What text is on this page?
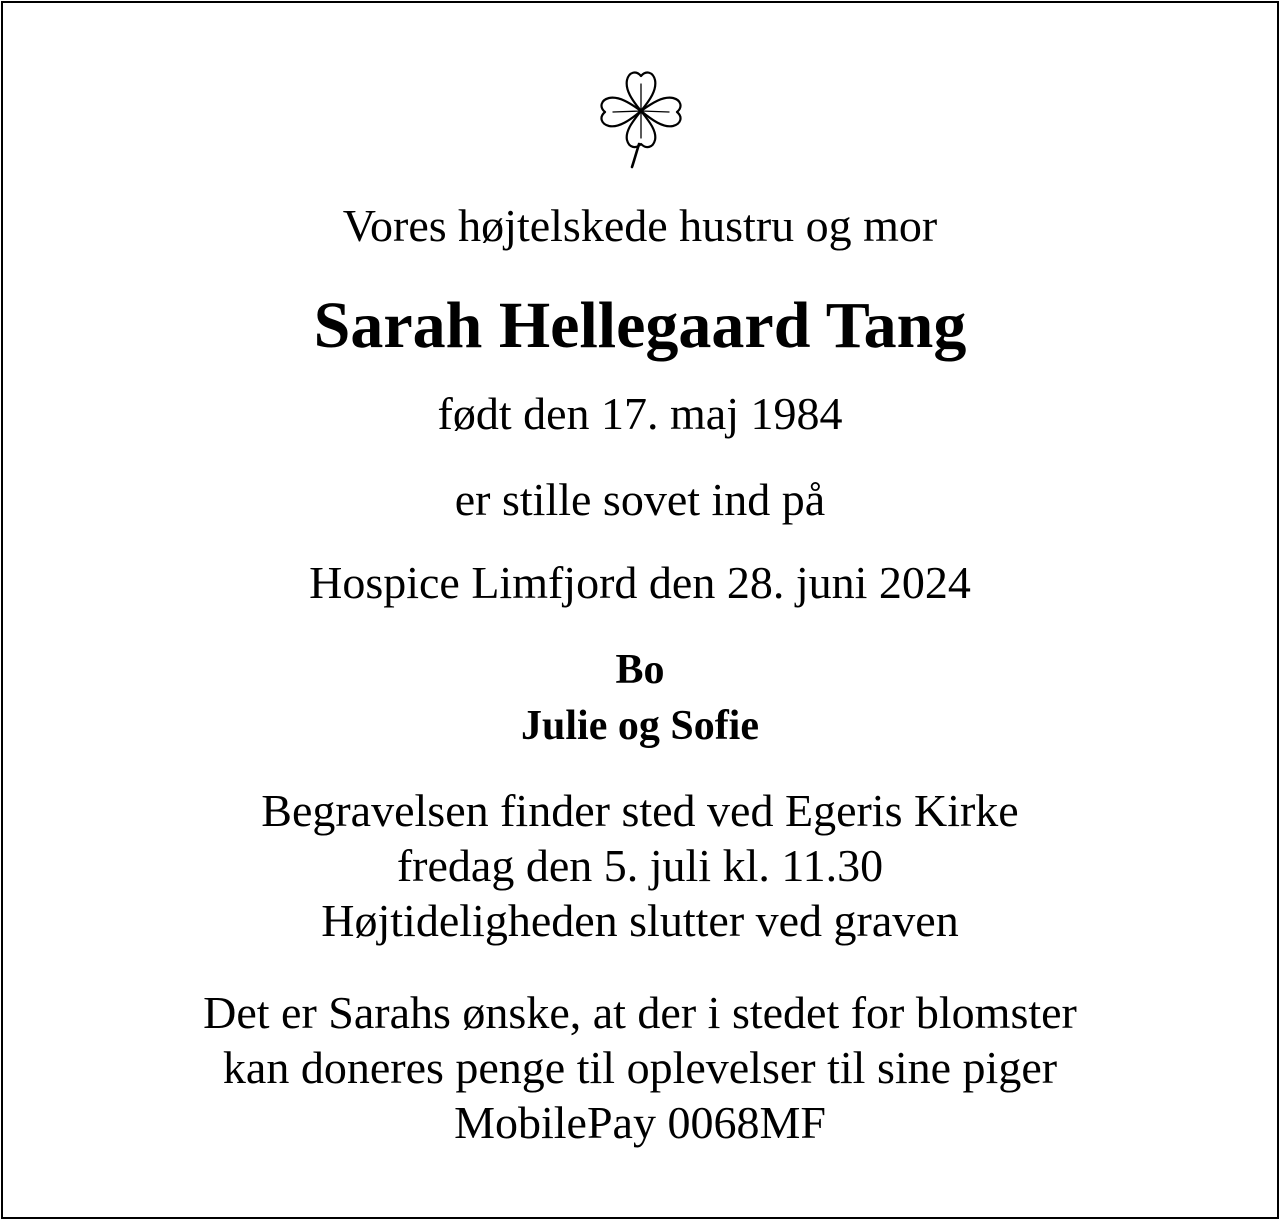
Vores højtelskede hustru og mor
Sarah Hellegaard Tang
født den 17. maj 1984
er stille sovet ind på
Hospice Limfjord den 28. juni 2024
Bo
Julie og Sofie
Begravelsen finder sted ved Egeris Kirke
fredag den 5. juli kl. 11.30
Højtideligheden slutter ved graven
Det er Sarahs ønske, at der i stedet for blomster
kan doneres penge til oplevelser til sine piger
MobilePay 0068MF
